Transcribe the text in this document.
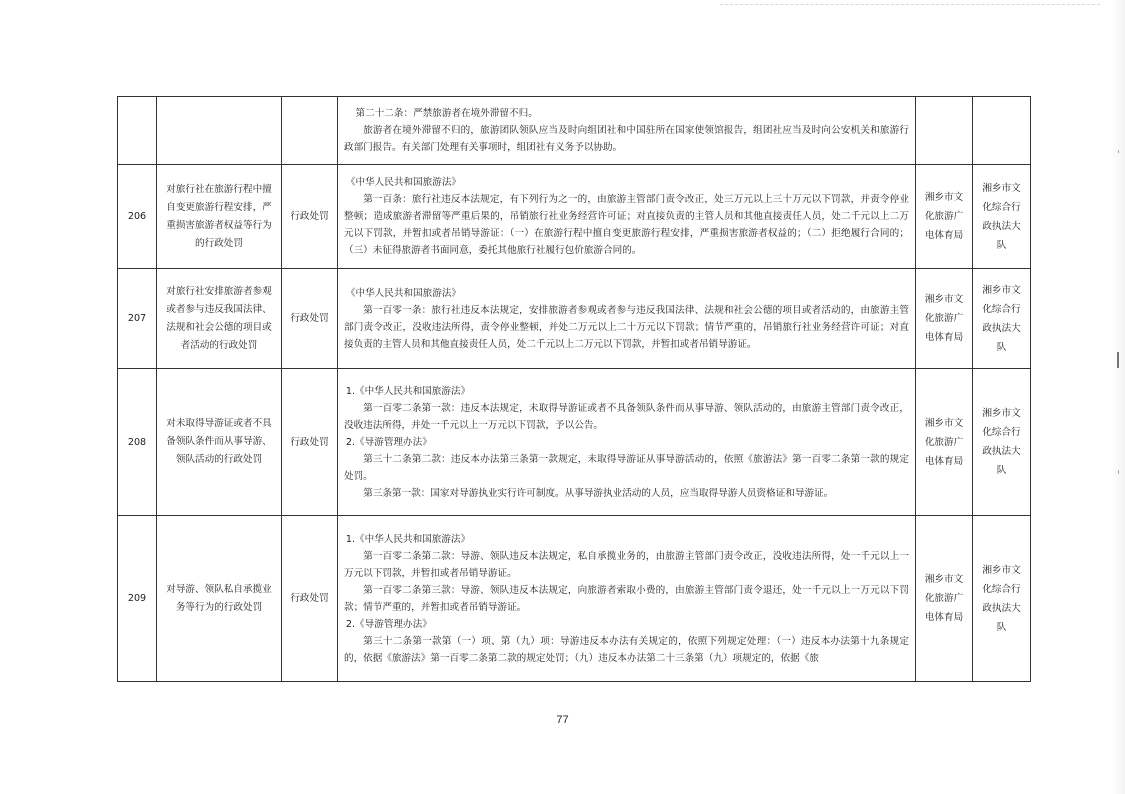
			第二十二条：严禁旅游者在境外滞留不归。
旅游者在境外滞留不归的，旅游团队领队应当及时向组团社和中国驻所在国家使领馆报告，组团社应当及时向公安机关和旅游行政部门报告。有关部门处理有关事项时，组团社有义务予以协助。		

206	对旅行社在旅游行程中擅自变更旅游行程安排，严重损害旅游者权益等行为的行政处罚	行政处罚	《中华人民共和国旅游法》
第一百条：旅行社违反本法规定，有下列行为之一的，由旅游主管部门责令改正，处三万元以上三十万元以下罚款，并责令停业整顿；造成旅游者滞留等严重后果的，吊销旅行社业务经营许可证；对直接负责的主管人员和其他直接责任人员，处二千元以上二万元以下罚款，并暂扣或者吊销导游证：（一）在旅游行程中擅自变更旅游行程安排，严重损害旅游者权益的；（二）拒绝履行合同的；（三）未征得旅游者书面同意，委托其他旅行社履行包价旅游合同的。	湘乡市文化旅游广电体育局	湘乡市文化综合行政执法大队
207	对旅行社安排旅游者参观或者参与违反我国法律、法规和社会公德的项目或者活动的行政处罚	行政处罚	《中华人民共和国旅游法》
第一百零一条：旅行社违反本法规定，安排旅游者参观或者参与违反我国法律、法规和社会公德的项目或者活动的，由旅游主管部门责令改正，没收违法所得，责令停业整顿，并处二万元以上二十万元以下罚款；情节严重的，吊销旅行社业务经营许可证；对直接负责的主管人员和其他直接责任人员，处二千元以上二万元以下罚款，并暂扣或者吊销导游证。	湘乡市文化旅游广电体育局	湘乡市文化综合行政执法大队
208	对未取得导游证或者不具备领队条件而从事导游、领队活动的行政处罚	行政处罚	1.《中华人民共和国旅游法》
第一百零二条第一款：违反本法规定，未取得导游证或者不具备领队条件而从事导游、领队活动的，由旅游主管部门责令改正，没收违法所得，并处一千元以上一万元以下罚款，予以公告。
2.《导游管理办法》
第三十二条第二款：违反本办法第三条第一款规定，未取得导游证从事导游活动的，依照《旅游法》第一百零二条第一款的规定处罚。
第三条第一款：国家对导游执业实行许可制度。从事导游执业活动的人员，应当取得导游人员资格证和导游证。	湘乡市文化旅游广电体育局	湘乡市文化综合行政执法大队
209	对导游、领队私自承揽业务等行为的行政处罚	行政处罚	1.《中华人民共和国旅游法》
第一百零二条第二款：导游、领队违反本法规定，私自承揽业务的，由旅游主管部门责令改正，没收违法所得，处一千元以上一万元以下罚款，并暂扣或者吊销导游证。
第一百零二条第三款：导游、领队违反本法规定，向旅游者索取小费的，由旅游主管部门责令退还，处一千元以上一万元以下罚款；情节严重的，并暂扣或者吊销导游证。
2.《导游管理办法》
第三十二条第一款第（一）项、第（九）项：导游违反本办法有关规定的，依照下列规定处理：（一）违反本办法第十九条规定的，依据《旅游法》第一百零二条第二款的规定处罚；（九）违反本办法第二十三条第（九）项规定的，依据《旅	湘乡市文化旅游广电体育局	湘乡市文化综合行政执法大队
77
